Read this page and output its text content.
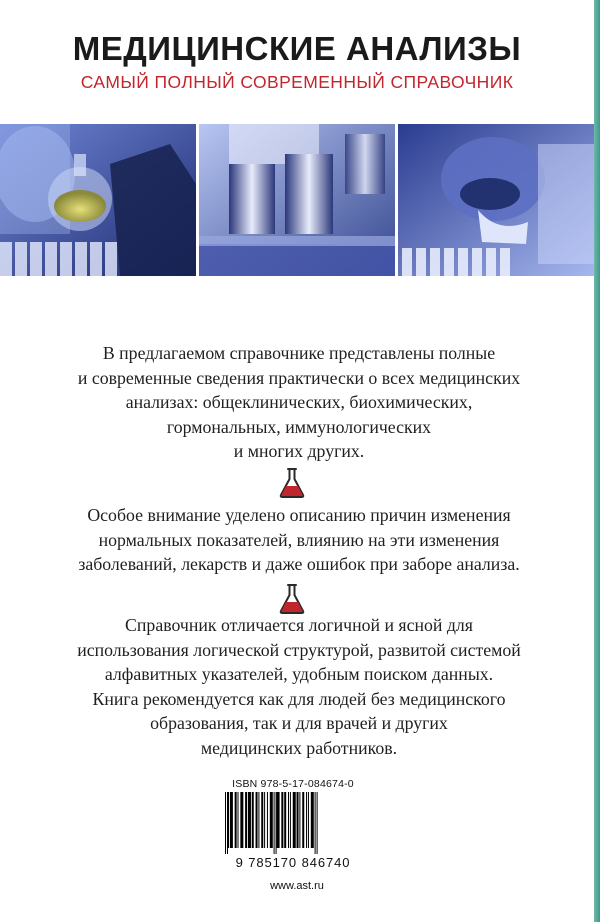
МЕДИЦИНСКИЕ АНАЛИЗЫ

САМЫЙ ПОЛНЫЙ СОВРЕМЕННЫЙ СПРАВОЧНИК

В предлагаемом справочнике представлены полные
и современные сведения практически о всех медицинских
анализах: общеклинических, биохимических,
гормональных, иммунологических
и многих других.

Особое внимание уделено описанию причин изменения
нормальных показателей, влиянию на эти изменения
заболеваний, лекарств и даже ошибок при заборе анализа.

Справочник отличается логичной и ясной для
использования логической структурой, развитой системой
алфавитных указателей, удобным поиском данных.
Книга рекомендуется как для людей без медицинского
образования, так и для врачей и других
медицинских работников.

ISBN 978-5-17-084674-0
9 785170 846740
www.ast.ru
